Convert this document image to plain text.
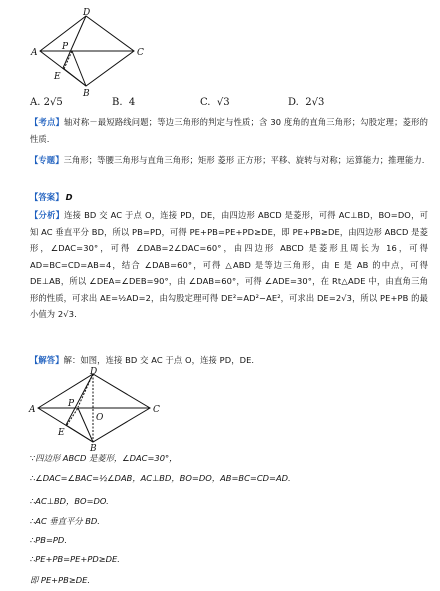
A
D
C
B
E
P
A. 2√5	B. 4	C. √3	D. 2√3
【考点】轴对称－最短路线问题；等边三角形的判定与性质；含 30 度角的直角三角形；勾股定理；菱形的性质.
【专题】三角形；等腰三角形与直角三角形；矩形 菱形 正方形；平移、旋转与对称；运算能力；推理能力.
【答案】 D
【分析】连接 BD 交 AC 于点 O，连接 PD，DE，由四边形 ABCD 是菱形，可得 AC⊥BD，BO=DO，可知 AC 垂直平分 BD，所以 PB=PD，可得 PE+PB=PE+PD≥DE，即 PE+PB≥DE，由四边形 ABCD 是菱形，∠DAC=30°，可得 ∠DAB=2∠DAC=60°，由四边形 ABCD 是菱形且周长为 16，可得 AD=BC=CD=AB=4，结合 ∠DAB=60°，可得 △ABD 是等边三角形，由 E 是 AB 的中点，可得 DE⊥AB，所以 ∠DEA=∠DEB=90°，由 ∠DAB=60°，可得 ∠ADE=30°，在 Rt△ADE 中，由直角三角形的性质，可求出 AE=½AD=2，由勾股定理可得 DE²=AD²−AE²，可求出 DE=2√3，所以 PE+PB 的最小值为 2√3.
【解答】解：如图，连接 BD 交 AC 于点 O，连接 PD，DE.
A
D
C
B
E
P
O
∵四边形 ABCD 是菱形，∠DAC=30°，
∴∠DAC=∠BAC=½∠DAB，AC⊥BD，BO=DO，AB=BC=CD=AD.
∴AC⊥BD，BO=DO.
∴AC 垂直平分 BD.
∴PB=PD.
∴PE+PB=PE+PD≥DE.
即 PE+PB≥DE.
